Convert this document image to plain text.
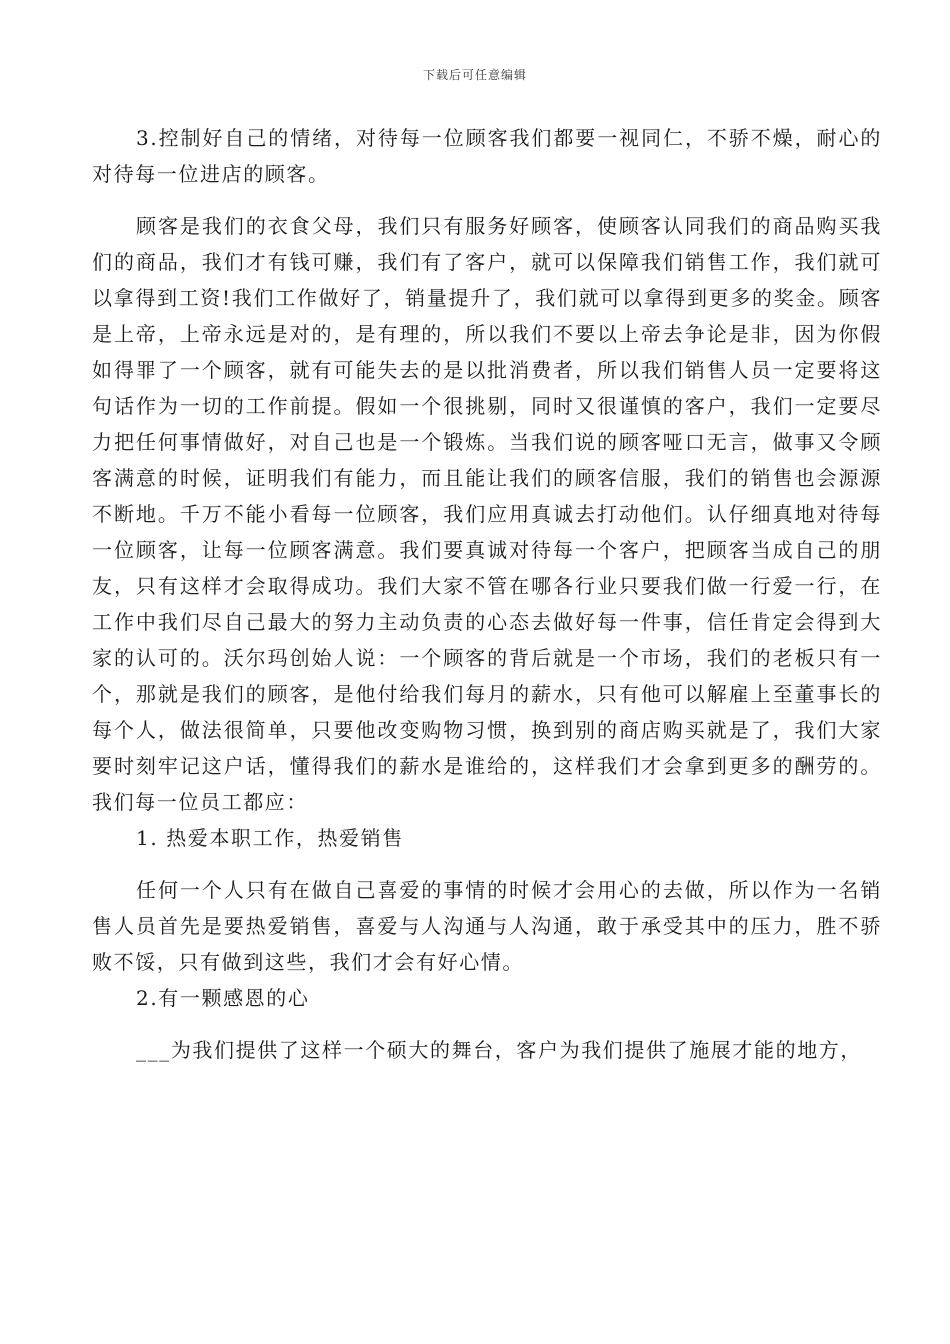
下载后可任意编辑

3.控制好自己的情绪，对待每一位顾客我们都要一视同仁，不骄不燥，耐心的对待每一位进店的顾客。

顾客是我们的衣食父母，我们只有服务好顾客，使顾客认同我们的商品购买我们的商品，我们才有钱可赚，我们有了客户，就可以保障我们销售工作，我们就可以拿得到工资!我们工作做好了，销量提升了，我们就可以拿得到更多的奖金。顾客是上帝，上帝永远是对的，是有理的，所以我们不要以上帝去争论是非，因为你假如得罪了一个顾客，就有可能失去的是以批消费者，所以我们销售人员一定要将这句话作为一切的工作前提。假如一个很挑剔，同时又很谨慎的客户，我们一定要尽力把任何事情做好，对自己也是一个锻炼。当我们说的顾客哑口无言，做事又令顾客满意的时候，证明我们有能力，而且能让我们的顾客信服，我们的销售也会源源不断地。千万不能小看每一位顾客，我们应用真诚去打动他们。认仔细真地对待每一位顾客，让每一位顾客满意。我们要真诚对待每一个客户，把顾客当成自己的朋友，只有这样才会取得成功。我们大家不管在哪各行业只要我们做一行爱一行，在工作中我们尽自己最大的努力主动负责的心态去做好每一件事，信任肯定会得到大家的认可的。沃尔玛创始人说：一个顾客的背后就是一个市场，我们的老板只有一个，那就是我们的顾客，是他付给我们每月的薪水，只有他可以解雇上至董事长的每个人，做法很简单，只要他改变购物习惯，换到别的商店购买就是了，我们大家要时刻牢记这户话，懂得我们的薪水是谁给的，这样我们才会拿到更多的酬劳的。 我们每一位员工都应：

1. 热爱本职工作，热爱销售

任何一个人只有在做自己喜爱的事情的时候才会用心的去做，所以作为一名销售人员首先是要热爱销售，喜爱与人沟通与人沟通，敢于承受其中的压力，胜不骄败不馁，只有做到这些，我们才会有好心情。

2.有一颗感恩的心

___为我们提供了这样一个硕大的舞台，客户为我们提供了施展才能的地方，
